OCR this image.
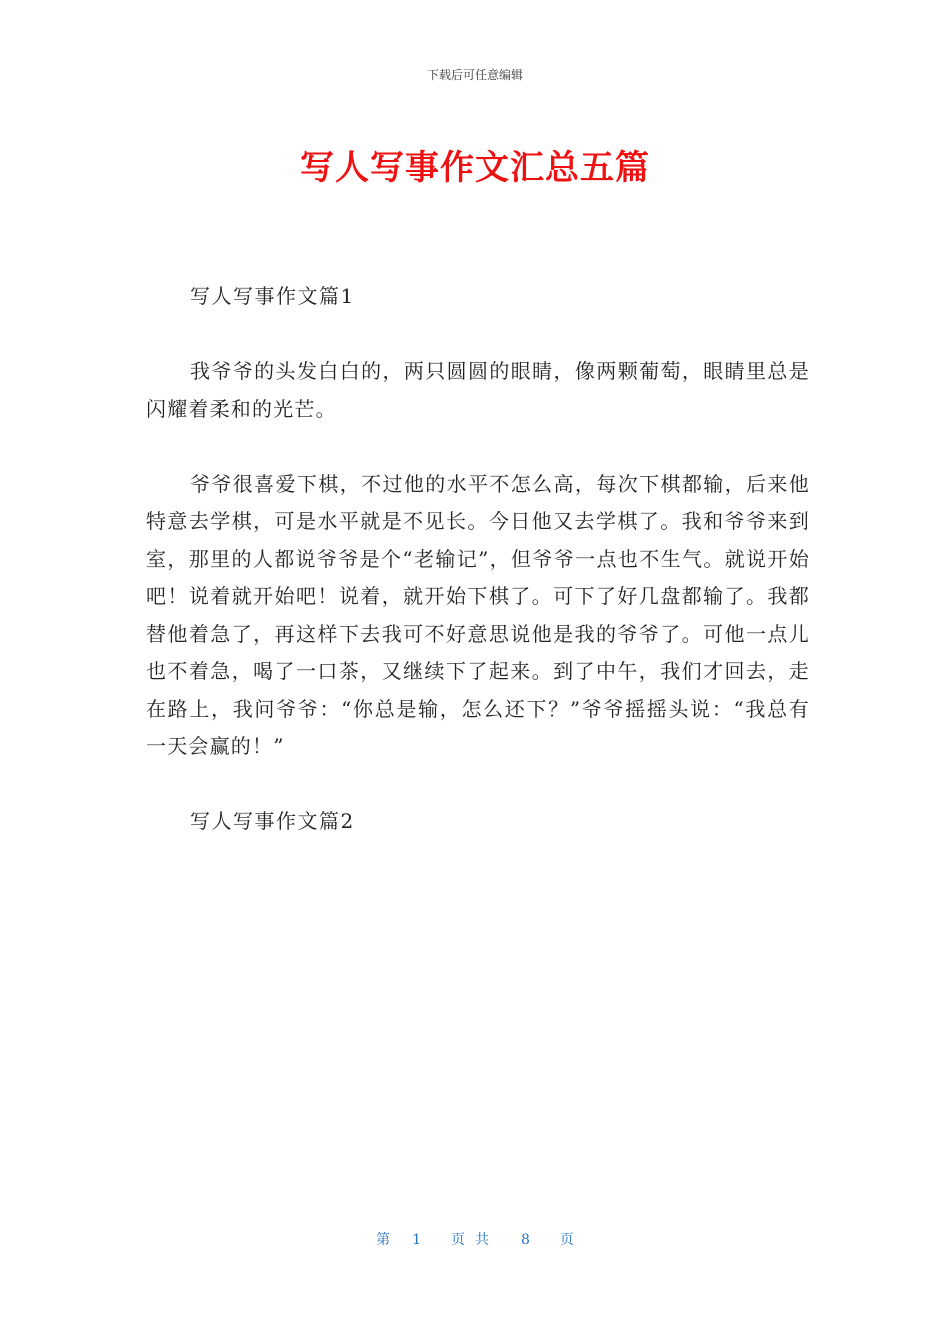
下载后可任意编辑
写人写事作文汇总五篇

写人写事作文篇1

我爷爷的头发白白的，两只圆圆的眼睛，像两颗葡萄，眼睛里总是闪耀着柔和的光芒。

爷爷很喜爱下棋，不过他的水平不怎么高，每次下棋都输，后来他特意去学棋，可是水平就是不见长。今日他又去学棋了。我和爷爷来到室，那里的人都说爷爷是个“老输记”，但爷爷一点也不生气。就说开始吧！说着就开始吧！说着，就开始下棋了。可下了好几盘都输了。我都替他着急了，再这样下去我可不好意思说他是我的爷爷了。可他一点儿也不着急，喝了一口茶，又继续下了起来。到了中午，我们才回去，走在路上，我问爷爷：“你总是输，怎么还下？”爷爷摇摇头说：“我总有一天会赢的！”

写人写事作文篇2

第 1 页共 8 页
